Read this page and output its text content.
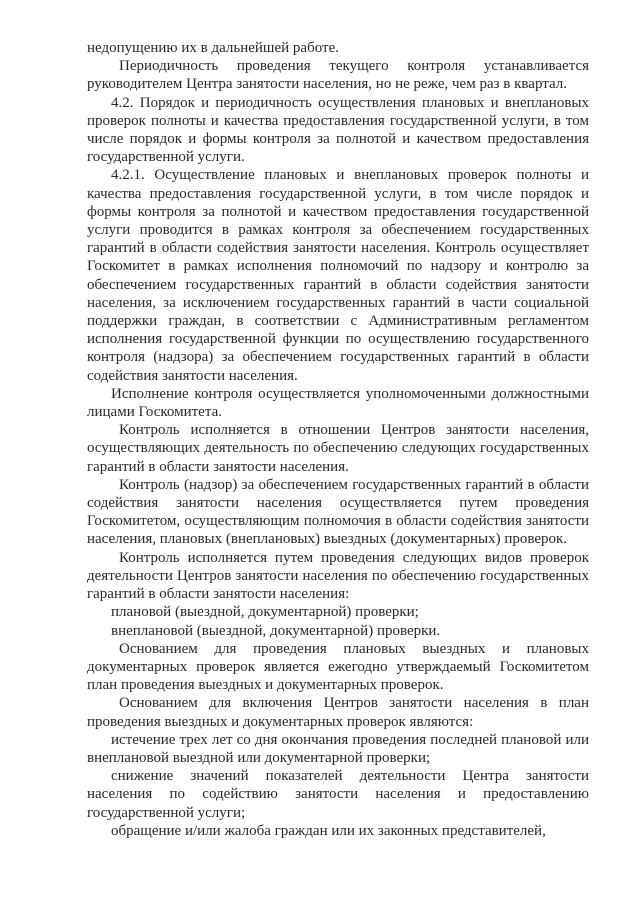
недопущению их в дальнейшей работе.

Периодичность проведения текущего контроля устанавливается руководителем Центра занятости населения, но не реже, чем раз в квартал.

4.2. Порядок и периодичность осуществления плановых и внеплановых проверок полноты и качества предоставления государственной услуги, в том числе порядок и формы контроля за полнотой и качеством предоставления государственной услуги.

4.2.1. Осуществление плановых и внеплановых проверок полноты и качества предоставления государственной услуги, в том числе порядок и формы контроля за полнотой и качеством предоставления государственной услуги проводится в рамках контроля за обеспечением государственных гарантий в области содействия занятости населения. Контроль осуществляет Госкомитет в рамках исполнения полномочий по надзору и контролю за обеспечением государственных гарантий в области содействия занятости населения, за исключением государственных гарантий в части социальной поддержки граждан, в соответствии с Административным регламентом исполнения государственной функции по осуществлению государственного контроля (надзора) за обеспечением государственных гарантий в области содействия занятости населения.

Исполнение контроля осуществляется уполномоченными должностными лицами Госкомитета.

Контроль исполняется в отношении Центров занятости населения, осуществляющих деятельность по обеспечению следующих государственных гарантий в области занятости населения.

Контроль (надзор) за обеспечением государственных гарантий в области содействия занятости населения осуществляется путем проведения Госкомитетом, осуществляющим полномочия в области содействия занятости населения, плановых (внеплановых) выездных (документарных) проверок.

Контроль исполняется путем проведения следующих видов проверок деятельности Центров занятости населения по обеспечению государственных гарантий в области занятости населения:

плановой (выездной, документарной) проверки;

внеплановой (выездной, документарной) проверки.

Основанием для проведения плановых выездных и плановых документарных проверок является ежегодно утверждаемый Госкомитетом план проведения выездных и документарных проверок.

Основанием для включения Центров занятости населения в план проведения выездных и документарных проверок являются:

истечение трех лет со дня окончания проведения последней плановой или внеплановой выездной или документарной проверки;

снижение значений показателей деятельности Центра занятости населения по содействию занятости населения и предоставлению государственной услуги;

обращение и/или жалоба граждан или их законных представителей,
